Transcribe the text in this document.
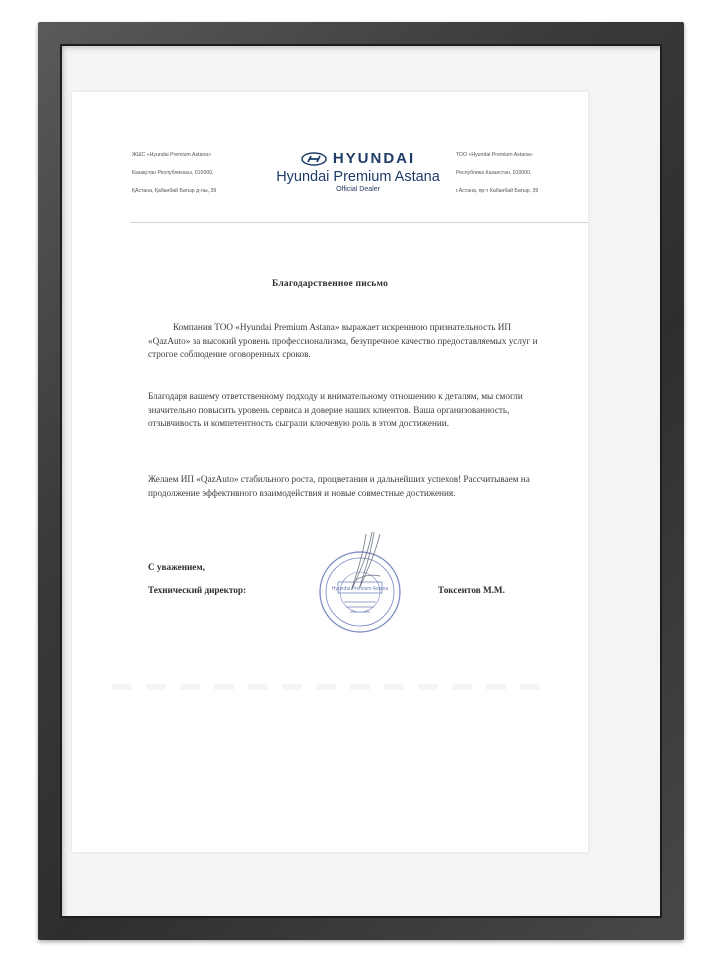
ЖШС «Hyundai Premium Astana»
Казақстан Республикасы, 010000,
ҚАстана, Қабанбай Батыр д-лы, 39
HYUNDAI
Hyundai Premium Astana
Official Dealer
ТОО «Hyundai Premium Astana»
Республика Казахстан, 010000,
г.Астана, пр-т Кабанбай Батыр, 39
Благодарственное письмо
Компания ТОО «Hyundai Premium Astana» выражает искреннюю признательность ИП «QazAuto» за высокий уровень профессионализма, безупречное качество предоставляемых услуг и строгое соблюдение оговоренных сроков.
Благодаря вашему ответственному подходу и внимательному отношению к деталям, мы смогли значительно повысить уровень сервиса и доверие наших клиентов. Ваша организованность, отзывчивость и компетентность сыграли ключевую роль в этом достижении.
Желаем ИП «QazAuto» стабильного роста, процветания и дальнейших успехов! Рассчитываем на продолжение эффективного взаимодействия и новые совместные достижения.
С уважением,
Технический директор:	Токсеитов М.М.
Hyundai Premium Astana
